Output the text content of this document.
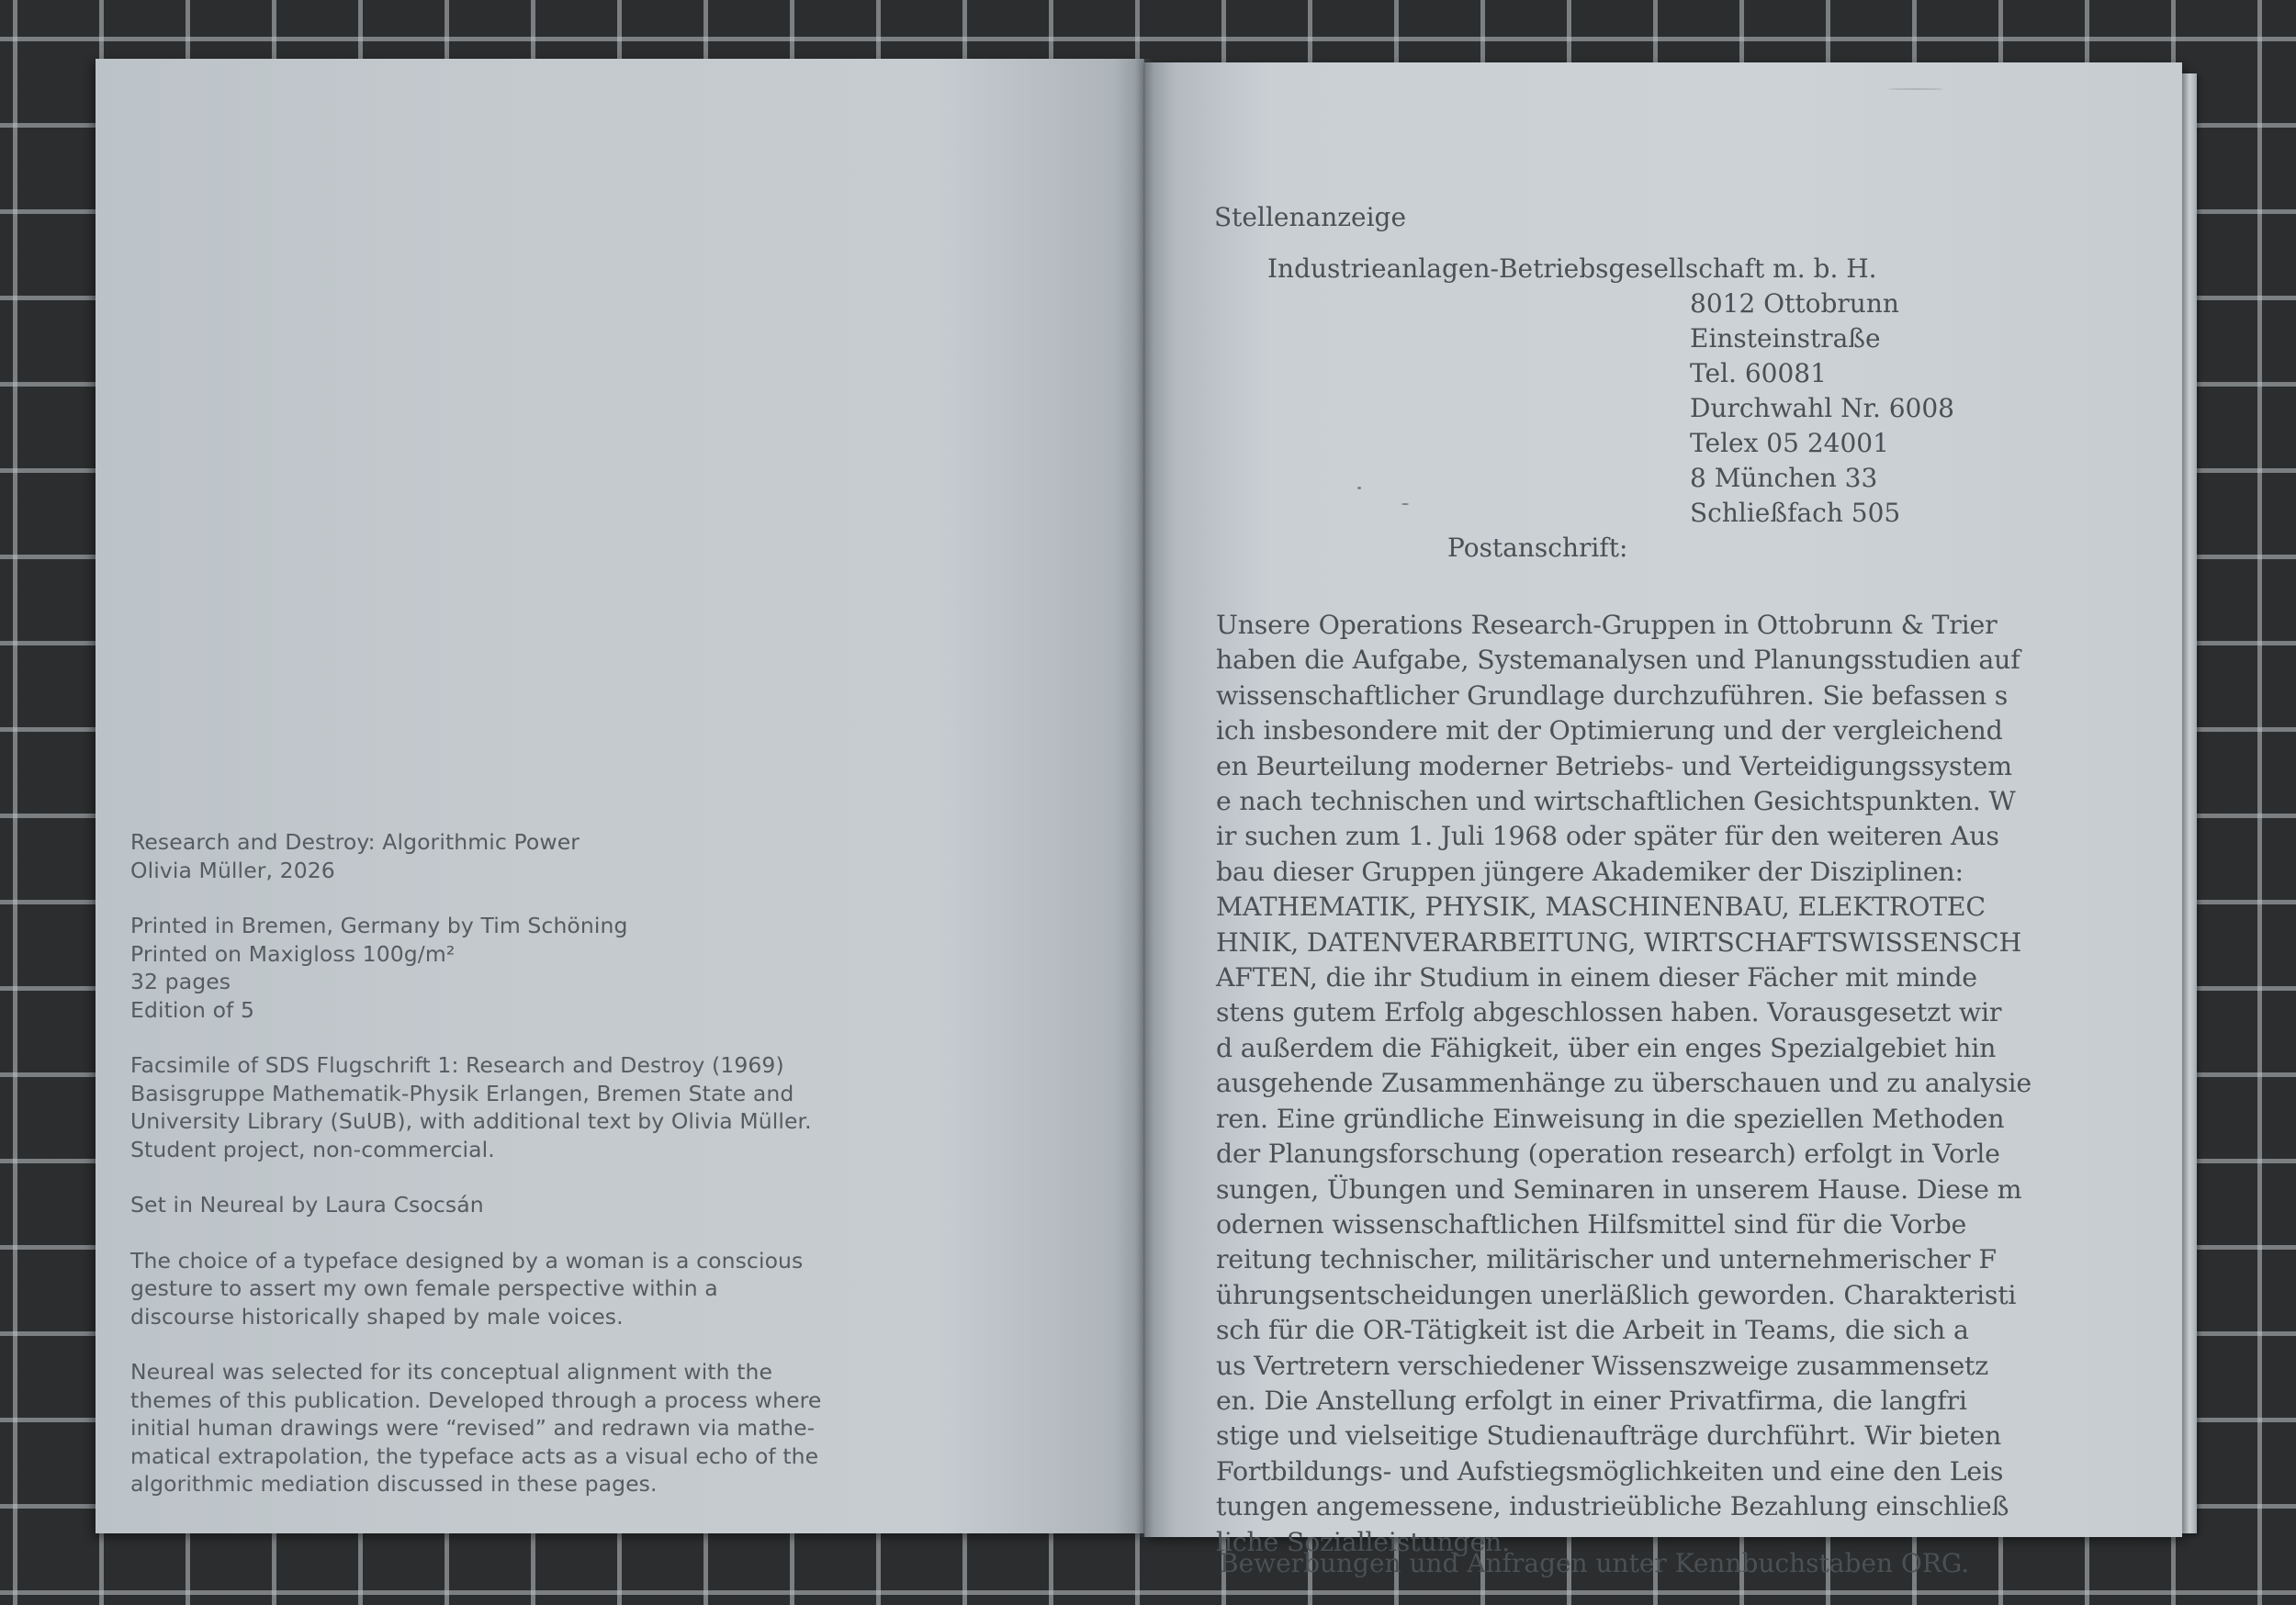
Research and Destroy: Algorithmic Power
Olivia Müller, 2026
Printed in Bremen, Germany by Tim Schöning
Printed on Maxigloss 100g/m²
32 pages
Edition of 5
Facsimile of SDS Flugschrift 1: Research and Destroy (1969)
Basisgruppe Mathematik-Physik Erlangen, Bremen State and
University Library (SuUB), with additional text by Olivia Müller.
Student project, non-commercial.
Set in Neureal by Laura Csocsán
The choice of a typeface designed by a woman is a conscious
gesture to assert my own female perspective within a
discourse historically shaped by male voices.
Neureal was selected for its conceptual alignment with the
themes of this publication. Developed through a process where
initial human drawings were “revised” and redrawn via mathe-
matical extrapolation, the typeface acts as a visual echo of the
algorithmic mediation discussed in these pages.
Stellenanzeige
Industrieanlagen-Betriebsgesellschaft m. b. H.
8012 Ottobrunn
Einsteinstraße
Tel. 60081
Durchwahl Nr. 6008
Telex 05 24001
8 München 33
Schließfach 505
Postanschrift:
Unsere Operations Research-Gruppen in Ottobrunn & Trier
haben die Aufgabe, Systemanalysen und Planungsstudien auf
wissenschaftlicher Grundlage durchzuführen. Sie befassen s
ich insbesondere mit der Optimierung und der vergleichend
en Beurteilung moderner Betriebs- und Verteidigungssystem
e nach technischen und wirtschaftlichen Gesichtspunkten. W
ir suchen zum 1. Juli 1968 oder später für den weiteren Aus
bau dieser Gruppen jüngere Akademiker der Disziplinen:
MATHEMATIK, PHYSIK, MASCHINENBAU, ELEKTROTEC
HNIK, DATENVERARBEITUNG, WIRTSCHAFTSWISSENSCH
AFTEN, die ihr Studium in einem dieser Fächer mit minde
stens gutem Erfolg abgeschlossen haben. Vorausgesetzt wir
d außerdem die Fähigkeit, über ein enges Spezialgebiet hin
ausgehende Zusammenhänge zu überschauen und zu analysie
ren. Eine gründliche Einweisung in die speziellen Methoden
der Planungsforschung (operation research) erfolgt in Vorle
sungen, Übungen und Seminaren in unserem Hause. Diese m
odernen wissenschaftlichen Hilfsmittel sind für die Vorbe
reitung technischer, militärischer und unternehmerischer F
ührungsentscheidungen unerläßlich geworden. Charakteristi
sch für die OR-Tätigkeit ist die Arbeit in Teams, die sich a
us Vertretern verschiedener Wissenszweige zusammensetz
en. Die Anstellung erfolgt in einer Privatfirma, die langfri
stige und vielseitige Studienaufträge durchführt. Wir bieten
Fortbildungs- und Aufstiegsmöglichkeiten und eine den Leis
tungen angemessene, industrieübliche Bezahlung einschließ
liche Sozialleistungen.
Bewerbungen und Anfragen unter Kennbuchstaben ORG.
